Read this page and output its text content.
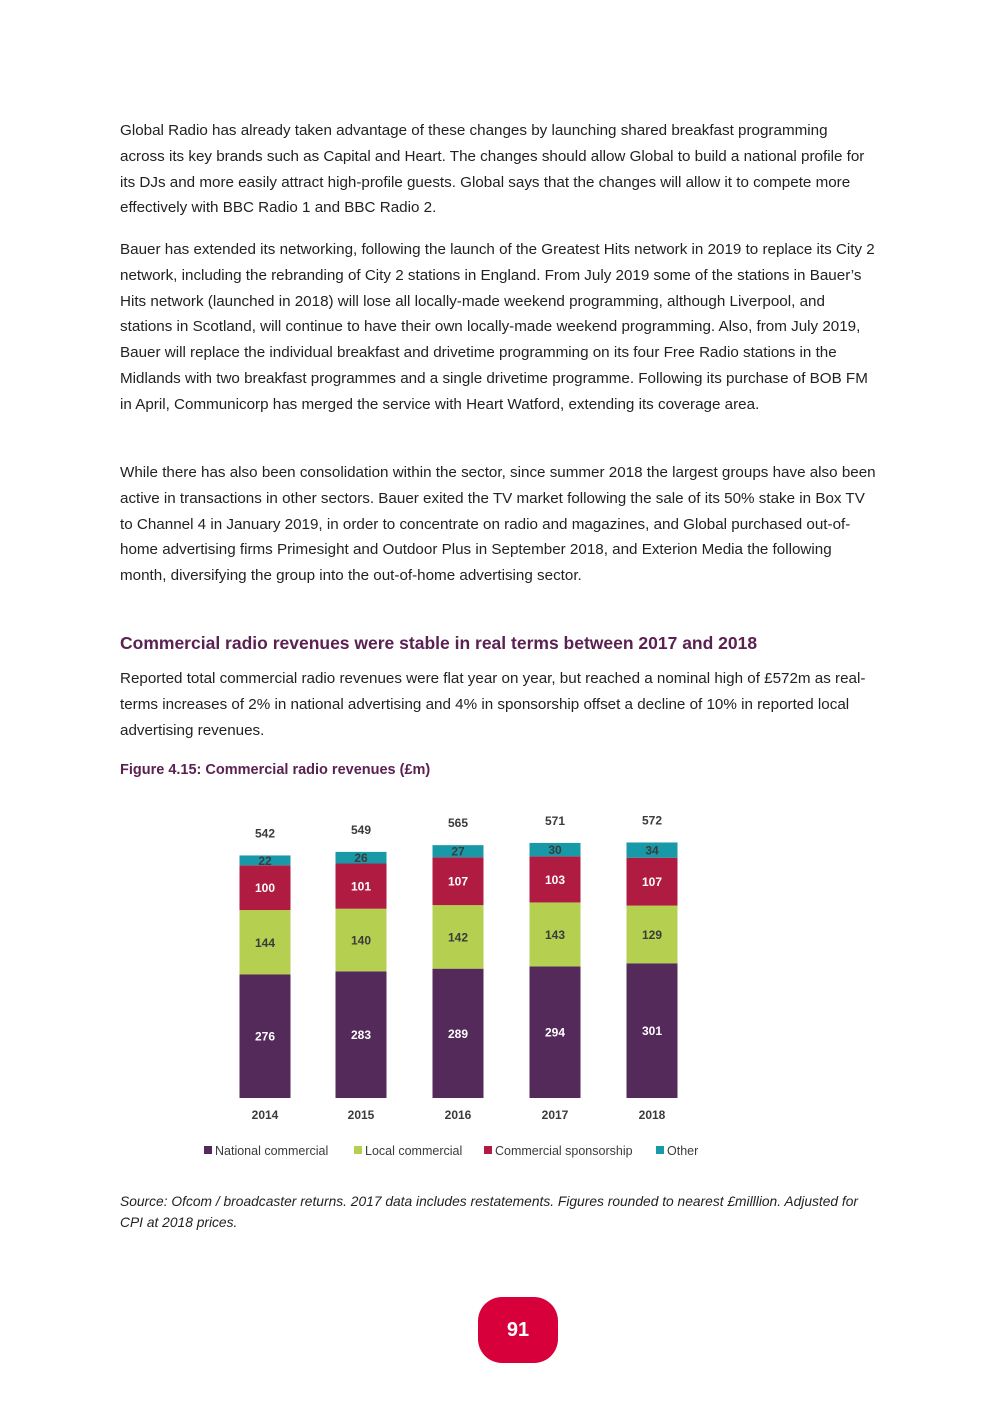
Global Radio has already taken advantage of these changes by launching shared breakfast programming across its key brands such as Capital and Heart. The changes should allow Global to build a national profile for its DJs and more easily attract high-profile guests. Global says that the changes will allow it to compete more effectively with BBC Radio 1 and BBC Radio 2.

Bauer has extended its networking, following the launch of the Greatest Hits network in 2019 to replace its City 2 network, including the rebranding of City 2 stations in England. From July 2019 some of the stations in Bauer’s Hits network (launched in 2018) will lose all locally-made weekend programming, although Liverpool, and stations in Scotland, will continue to have their own locally-made weekend programming. Also, from July 2019, Bauer will replace the individual breakfast and drivetime programming on its four Free Radio stations in the Midlands with two breakfast programmes and a single drivetime programme. Following its purchase of BOB FM in April, Communicorp has merged the service with Heart Watford, extending its coverage area.

While there has also been consolidation within the sector, since summer 2018 the largest groups have also been active in transactions in other sectors. Bauer exited the TV market following the sale of its 50% stake in Box TV to Channel 4 in January 2019, in order to concentrate on radio and magazines, and Global purchased out-of-home advertising firms Primesight and Outdoor Plus in September 2018, and Exterion Media the following month, diversifying the group into the out-of-home advertising sector.

Commercial radio revenues were stable in real terms between 2017 and 2018

Reported total commercial radio revenues were flat year on year, but reached a nominal high of £572m as real-terms increases of 2% in national advertising and 4% in sponsorship offset a decline of 10% in reported local advertising revenues.

Figure 4.15: Commercial radio revenues (£m)

276
144
100
22
542
2014
283
140
101
26
549
2015
289
142
107
27
565
2016
294
143
103
30
571
2017
301
129
107
34
572
2018
National commercial	Local commercial	Commercial sponsorship	Other

Source: Ofcom / broadcaster returns. 2017 data includes restatements. Figures rounded to nearest £milllion. Adjusted for CPI at 2018 prices.

91
